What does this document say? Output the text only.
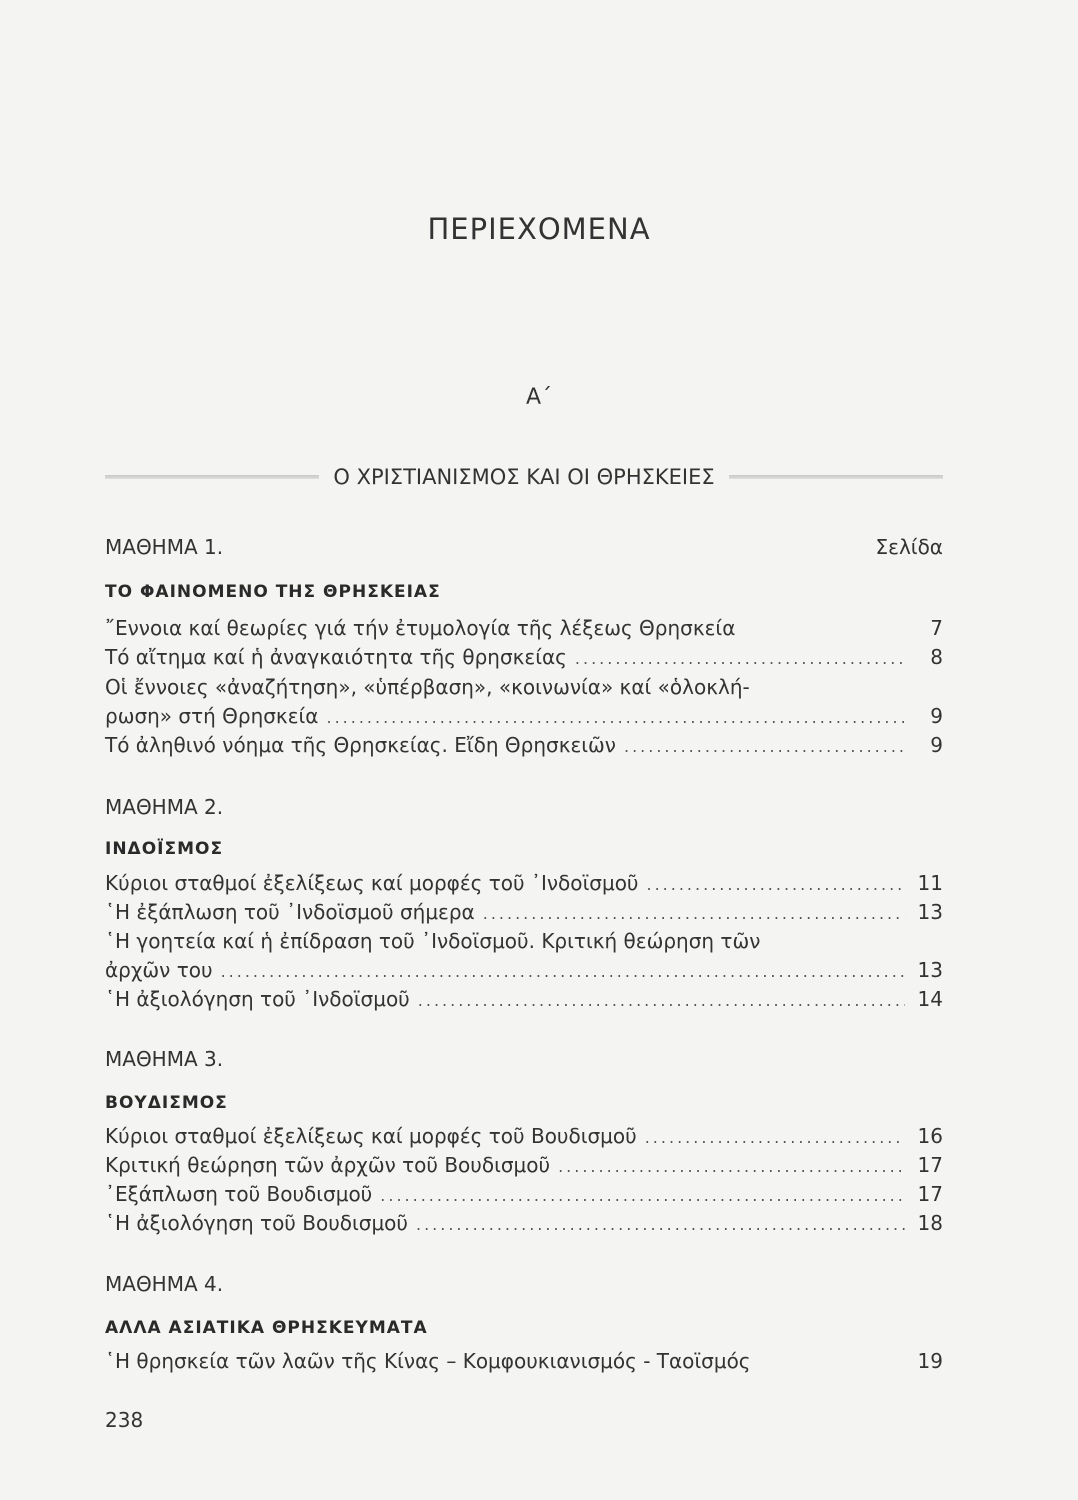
ΠΕΡΙΕΧΟΜΕΝΑ
Α΄
Ο ΧΡΙΣΤΙΑΝΙΣΜΟΣ ΚΑΙ ΟΙ ΘΡΗΣΚΕΙΕΣ
ΜΑΘΗΜΑ 1.	Σελίδα
ΤΟ ΦΑΙΝΟΜΕΝΟ ΤΗΣ ΘΡΗΣΚΕΙΑΣ
῎Εννοια καί θεωρίες γιά τήν ἐτυμολογία τῆς λέξεως Θρησκεία	7
Τό αἴτημα καί ἡ ἀναγκαιότητα τῆς θρησκείας .....	8
Οἱ ἔννοιες «ἀναζήτηση», «ὑπέρβαση», «κοινωνία» καί «ὁλοκλή-
ρωση» στή Θρησκεία .....	9
Τό ἀληθινό νόημα τῆς Θρησκείας. Εἴδη Θρησκειῶν .....	9
ΜΑΘΗΜΑ 2.
ΙΝΔΟΪΣΜΟΣ
Κύριοι σταθμοί ἐξελίξεως καί μορφές τοῦ ᾽Ινδοϊσμοῦ .....	11
῾Η ἐξάπλωση τοῦ ᾽Ινδοϊσμοῦ σήμερα .....	13
῾Η γοητεία καί ἡ ἐπίδραση τοῦ ᾽Ινδοϊσμοῦ. Κριτική θεώρηση τῶν
ἀρχῶν του .....	13
῾Η ἀξιολόγηση τοῦ ᾽Ινδοϊσμοῦ .....	14
ΜΑΘΗΜΑ 3.
ΒΟΥΔΙΣΜΟΣ
Κύριοι σταθμοί ἐξελίξεως καί μορφές τοῦ Βουδισμοῦ .....	16
Κριτική θεώρηση τῶν ἀρχῶν τοῦ Βουδισμοῦ .....	17
᾽Εξάπλωση τοῦ Βουδισμοῦ .....	17
῾Η ἀξιολόγηση τοῦ Βουδισμοῦ .....	18
ΜΑΘΗΜΑ 4.
ΑΛΛΑ ΑΣΙΑΤΙΚΑ ΘΡΗΣΚΕΥΜΑΤΑ
῾Η θρησκεία τῶν λαῶν τῆς Κίνας – Κομφουκιανισμός - Ταοϊσμός	19
238
